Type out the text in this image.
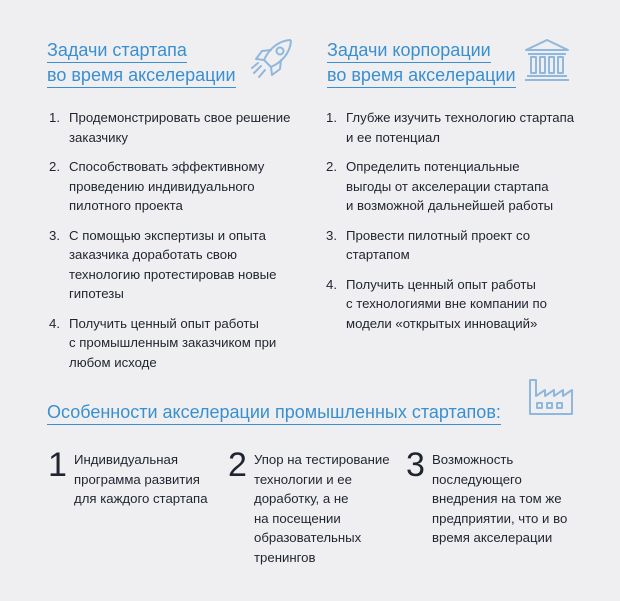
Задачи стартапа
во время акселерации
Задачи корпорации
во время акселерации
1. Продемонстрировать свое решение
заказчику
2. Способствовать эффективному
проведению индивидуального
пилотного проекта
3. С помощью экспертизы и опыта
заказчика доработать свою
технологию протестировав новые
гипотезы
4. Получить ценный опыт работы
с промышленным заказчиком при
любом исходе
1. Глубже изучить технологию стартапа
и ее потенциал
2. Определить потенциальные
выгоды от акселерации стартапа
и возможной дальнейшей работы
3. Провести пилотный проект со
стартапом
4. Получить ценный опыт работы
с технологиями вне компании по
модели «открытых инноваций»
Особенности акселерации промышленных стартапов:
1 Индивидуальная
программа развития
для каждого стартапа
2 Упор на тестирование
технологии и ее
доработку, а не
на посещении
образовательных
тренингов
3 Возможность
последующего
внедрения на том же
предприятии, что и во
время акселерации
